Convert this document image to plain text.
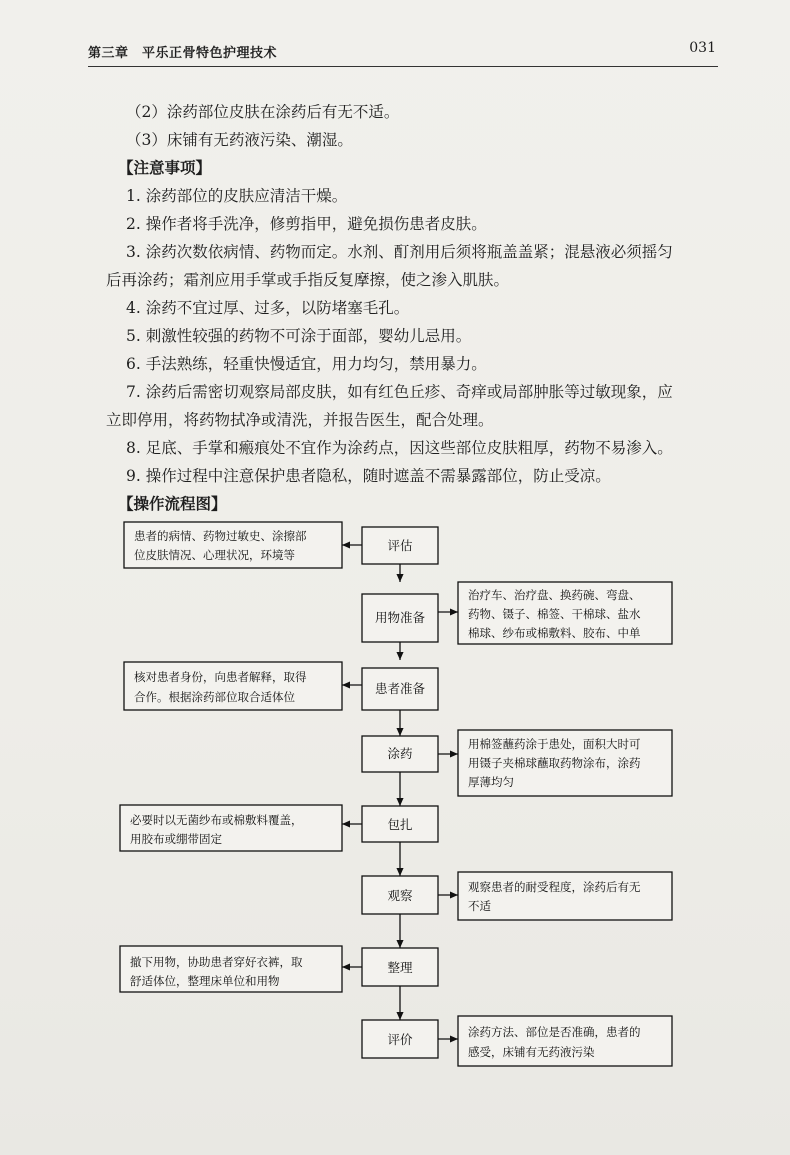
第三章　平乐正骨特色护理技术	031

（2）涂药部位皮肤在涂药后有无不适。

（3）床铺有无药液污染、潮湿。

【注意事项】

1. 涂药部位的皮肤应清洁干燥。

2. 操作者将手洗净，修剪指甲，避免损伤患者皮肤。

3. 涂药次数依病情、药物而定。水剂、酊剂用后须将瓶盖盖紧；混悬液必须摇匀

后再涂药；霜剂应用手掌或手指反复摩擦，使之渗入肌肤。

4. 涂药不宜过厚、过多，以防堵塞毛孔。

5. 刺激性较强的药物不可涂于面部，婴幼儿忌用。

6. 手法熟练，轻重快慢适宜，用力均匀，禁用暴力。

7. 涂药后需密切观察局部皮肤，如有红色丘疹、奇痒或局部肿胀等过敏现象，应

立即停用，将药物拭净或清洗，并报告医生，配合处理。

8. 足底、手掌和瘢痕处不宜作为涂药点，因这些部位皮肤粗厚，药物不易渗入。

9. 操作过程中注意保护患者隐私，随时遮盖不需暴露部位，防止受凉。

【操作流程图】

评估
用物准备
患者准备
涂药
包扎
观察
整理
评价
患者的病情、药物过敏史、涂擦部
位皮肤情况、心理状况，环境等
核对患者身份，向患者解释，取得
合作。根据涂药部位取合适体位
必要时以无菌纱布或棉敷料覆盖，
用胶布或绷带固定
撤下用物，协助患者穿好衣裤，取
舒适体位，整理床单位和用物
治疗车、治疗盘、换药碗、弯盘、
药物、镊子、棉签、干棉球、盐水
棉球、纱布或棉敷料、胶布、中单
用棉签蘸药涂于患处，面积大时可
用镊子夹棉球蘸取药物涂布，涂药
厚薄均匀
观察患者的耐受程度，涂药后有无
不适
涂药方法、部位是否准确，患者的
感受，床铺有无药液污染
